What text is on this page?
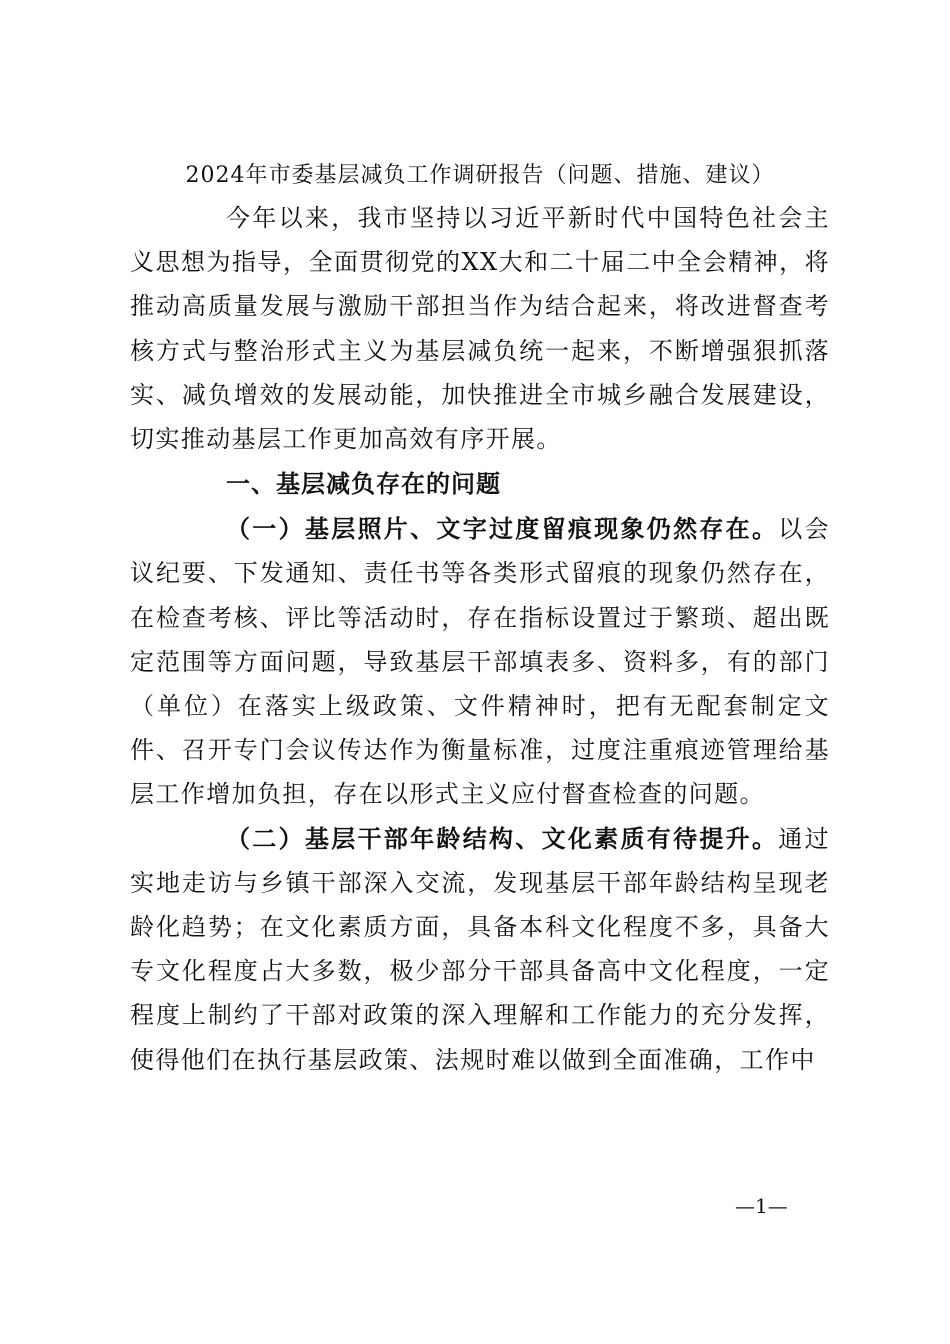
2024年市委基层减负工作调研报告（问题、措施、建议）

今年以来，我市坚持以习近平新时代中国特色社会主义思想为指导，全面贯彻党的XX大和二十届二中全会精神，将推动高质量发展与激励干部担当作为结合起来，将改进督查考核方式与整治形式主义为基层减负统一起来，不断增强狠抓落实、减负增效的发展动能，加快推进全市城乡融合发展建设，切实推动基层工作更加高效有序开展。

一、基层减负存在的问题

（一）基层照片、文字过度留痕现象仍然存在。以会议纪要、下发通知、责任书等各类形式留痕的现象仍然存在，在检查考核、评比等活动时，存在指标设置过于繁琐、超出既定范围等方面问题，导致基层干部填表多、资料多，有的部门（单位）在落实上级政策、文件精神时，把有无配套制定文件、召开专门会议传达作为衡量标准，过度注重痕迹管理给基层工作增加负担，存在以形式主义应付督查检查的问题。

（二）基层干部年龄结构、文化素质有待提升。通过实地走访与乡镇干部深入交流，发现基层干部年龄结构呈现老龄化趋势；在文化素质方面，具备本科文化程度不多，具备大专文化程度占大多数，极少部分干部具备高中文化程度，一定程度上制约了干部对政策的深入理解和工作能力的充分发挥，使得他们在执行基层政策、法规时难以做到全面准确，工作中

—1—
